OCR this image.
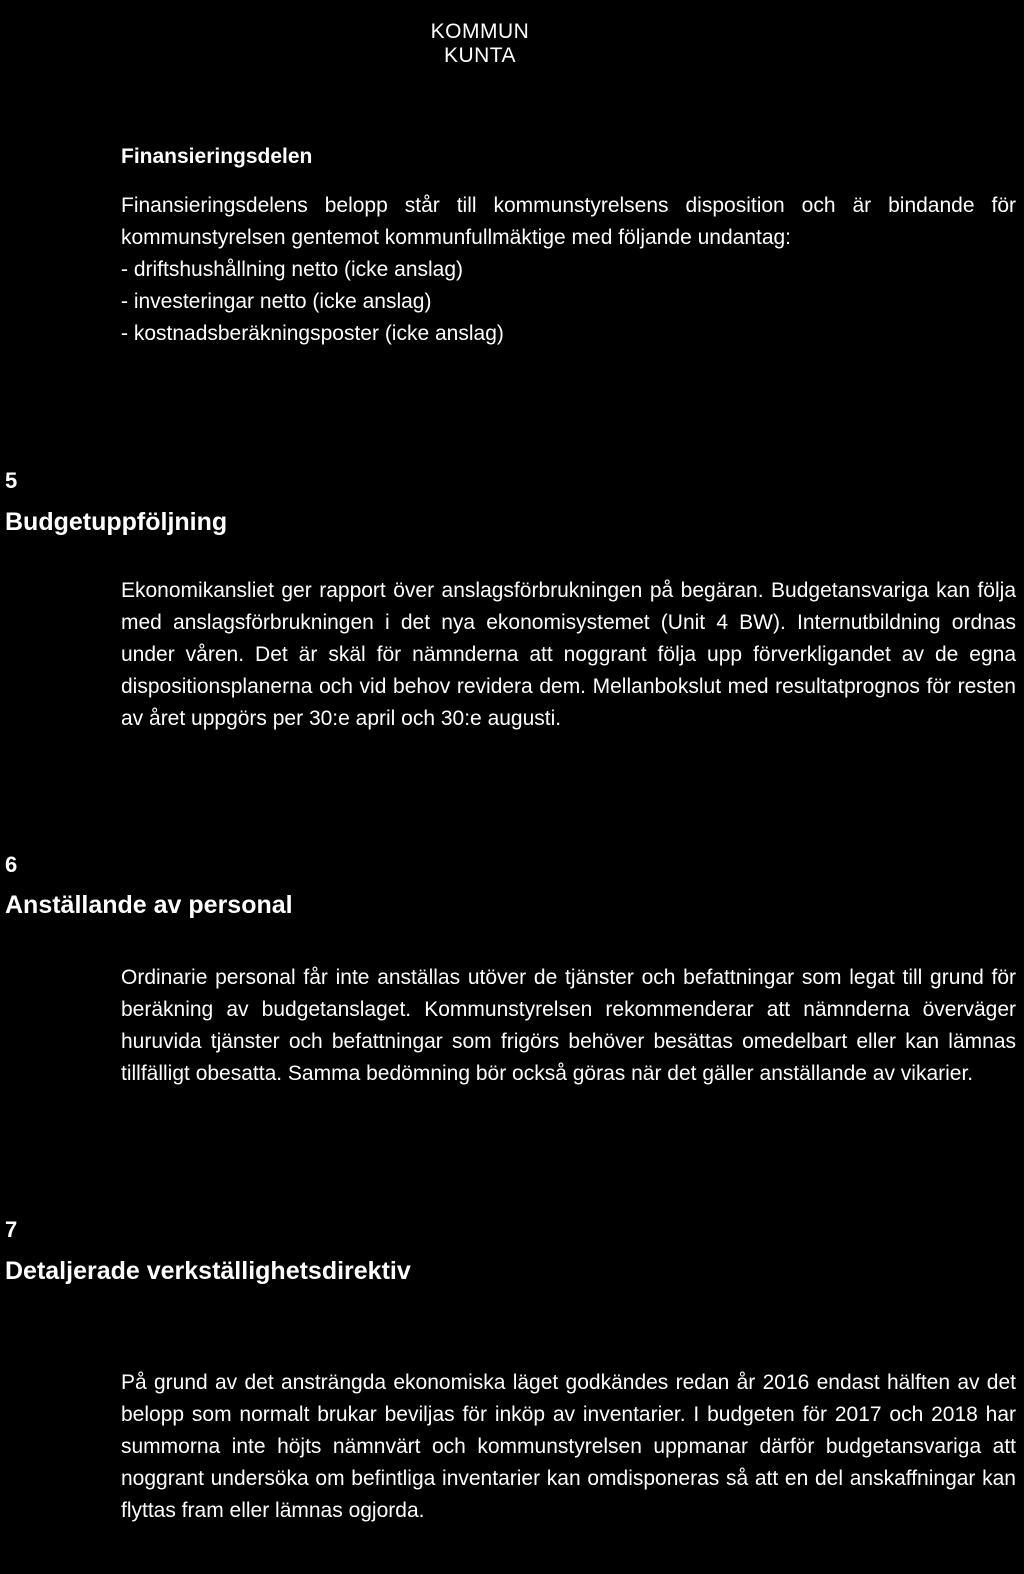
KOMMUN
KUNTA
Finansieringsdelen

Finansieringsdelens belopp står till kommunstyrelsens disposition och är bindande för kommunstyrelsen gentemot kommunfullmäktige med följande undantag:

- driftshushållning netto (icke anslag)
- investeringar netto (icke anslag)
- kostnadsberäkningsposter (icke anslag)
5
Budgetuppföljning

Ekonomikansliet ger rapport över anslagsförbrukningen på begäran. Budgetansvariga kan följa med anslagsförbrukningen i det nya ekonomisystemet (Unit 4 BW). Internutbildning ordnas under våren. Det är skäl för nämnderna att noggrant följa upp förverkligandet av de egna dispositionsplanerna och vid behov revidera dem. Mellanbokslut med resultatprognos för resten av året uppgörs per 30:e april och 30:e augusti.

6
Anställande av personal

Ordinarie personal får inte anställas utöver de tjänster och befattningar som legat till grund för beräkning av budgetanslaget. Kommunstyrelsen rekommenderar att nämnderna överväger huruvida tjänster och befattningar som frigörs behöver besättas omedelbart eller kan lämnas tillfälligt obesatta. Samma bedömning bör också göras när det gäller anställande av vikarier.

7
Detaljerade verkställighetsdirektiv

På grund av det ansträngda ekonomiska läget godkändes redan år 2016 endast hälften av det belopp som normalt brukar beviljas för inköp av inventarier. I budgeten för 2017 och 2018 har summorna inte höjts nämnvärt och kommunstyrelsen uppmanar därför budgetansvariga att noggrant undersöka om befintliga inventarier kan omdisponeras så att en del anskaffningar kan flyttas fram eller lämnas ogjorda.
